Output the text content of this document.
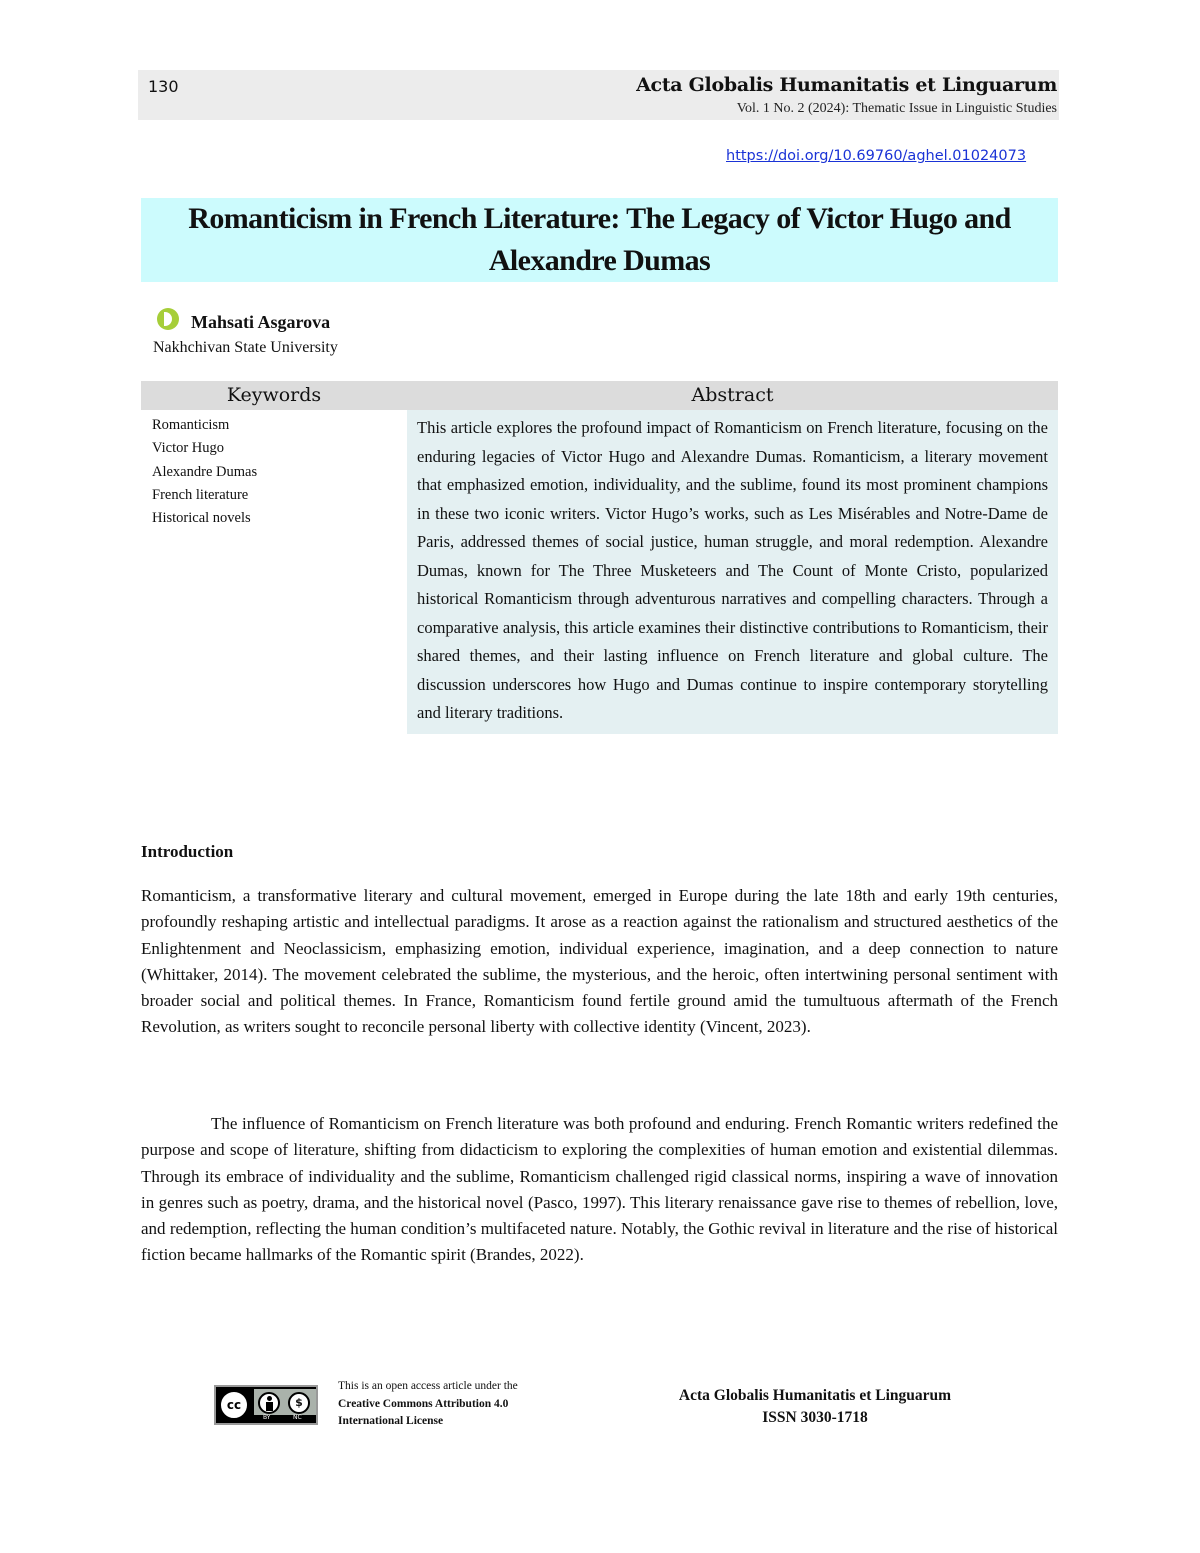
130	Acta Globalis Humanitatis et Linguarum
Vol. 1 No. 2 (2024): Thematic Issue in Linguistic Studies
https://doi.org/10.69760/aghel.01024073
Romanticism in French Literature: The Legacy of Victor Hugo and Alexandre Dumas
Mahsati Asgarova
Nakhchivan State University
Keywords	Abstract
Romanticism
Victor Hugo
Alexandre Dumas
French literature
Historical novels

This article explores the profound impact of Romanticism on French literature, focusing on the enduring legacies of Victor Hugo and Alexandre Dumas. Romanticism, a literary movement that emphasized emotion, individuality, and the sublime, found its most prominent champions in these two iconic writers. Victor Hugo’s works, such as Les Misérables and Notre-Dame de Paris, addressed themes of social justice, human struggle, and moral redemption. Alexandre Dumas, known for The Three Musketeers and The Count of Monte Cristo, popularized historical Romanticism through adventurous narratives and compelling characters. Through a comparative analysis, this article examines their distinctive contributions to Romanticism, their shared themes, and their lasting influence on French literature and global culture. The discussion underscores how Hugo and Dumas continue to inspire contemporary storytelling and literary traditions.

Introduction

Romanticism, a transformative literary and cultural movement, emerged in Europe during the late 18th and early 19th centuries, profoundly reshaping artistic and intellectual paradigms. It arose as a reaction against the rationalism and structured aesthetics of the Enlightenment and Neoclassicism, emphasizing emotion, individual experience, imagination, and a deep connection to nature (Whittaker, 2014). The movement celebrated the sublime, the mysterious, and the heroic, often intertwining personal sentiment with broader social and political themes. In France, Romanticism found fertile ground amid the tumultuous aftermath of the French Revolution, as writers sought to reconcile personal liberty with collective identity (Vincent, 2023).

The influence of Romanticism on French literature was both profound and enduring. French Romantic writers redefined the purpose and scope of literature, shifting from didacticism to exploring the complexities of human emotion and existential dilemmas. Through its embrace of individuality and the sublime, Romanticism challenged rigid classical norms, inspiring a wave of innovation in genres such as poetry, drama, and the historical novel (Pasco, 1997). This literary renaissance gave rise to themes of rebellion, love, and redemption, reflecting the human condition’s multifaceted nature. Notably, the Gothic revival in literature and the rise of historical fiction became hallmarks of the Romantic spirit (Brandes, 2022).

cc	$
BY	NC
This is an open access article under the
Creative Commons Attribution 4.0
International License
Acta Globalis Humanitatis et Linguarum
ISSN 3030-1718
